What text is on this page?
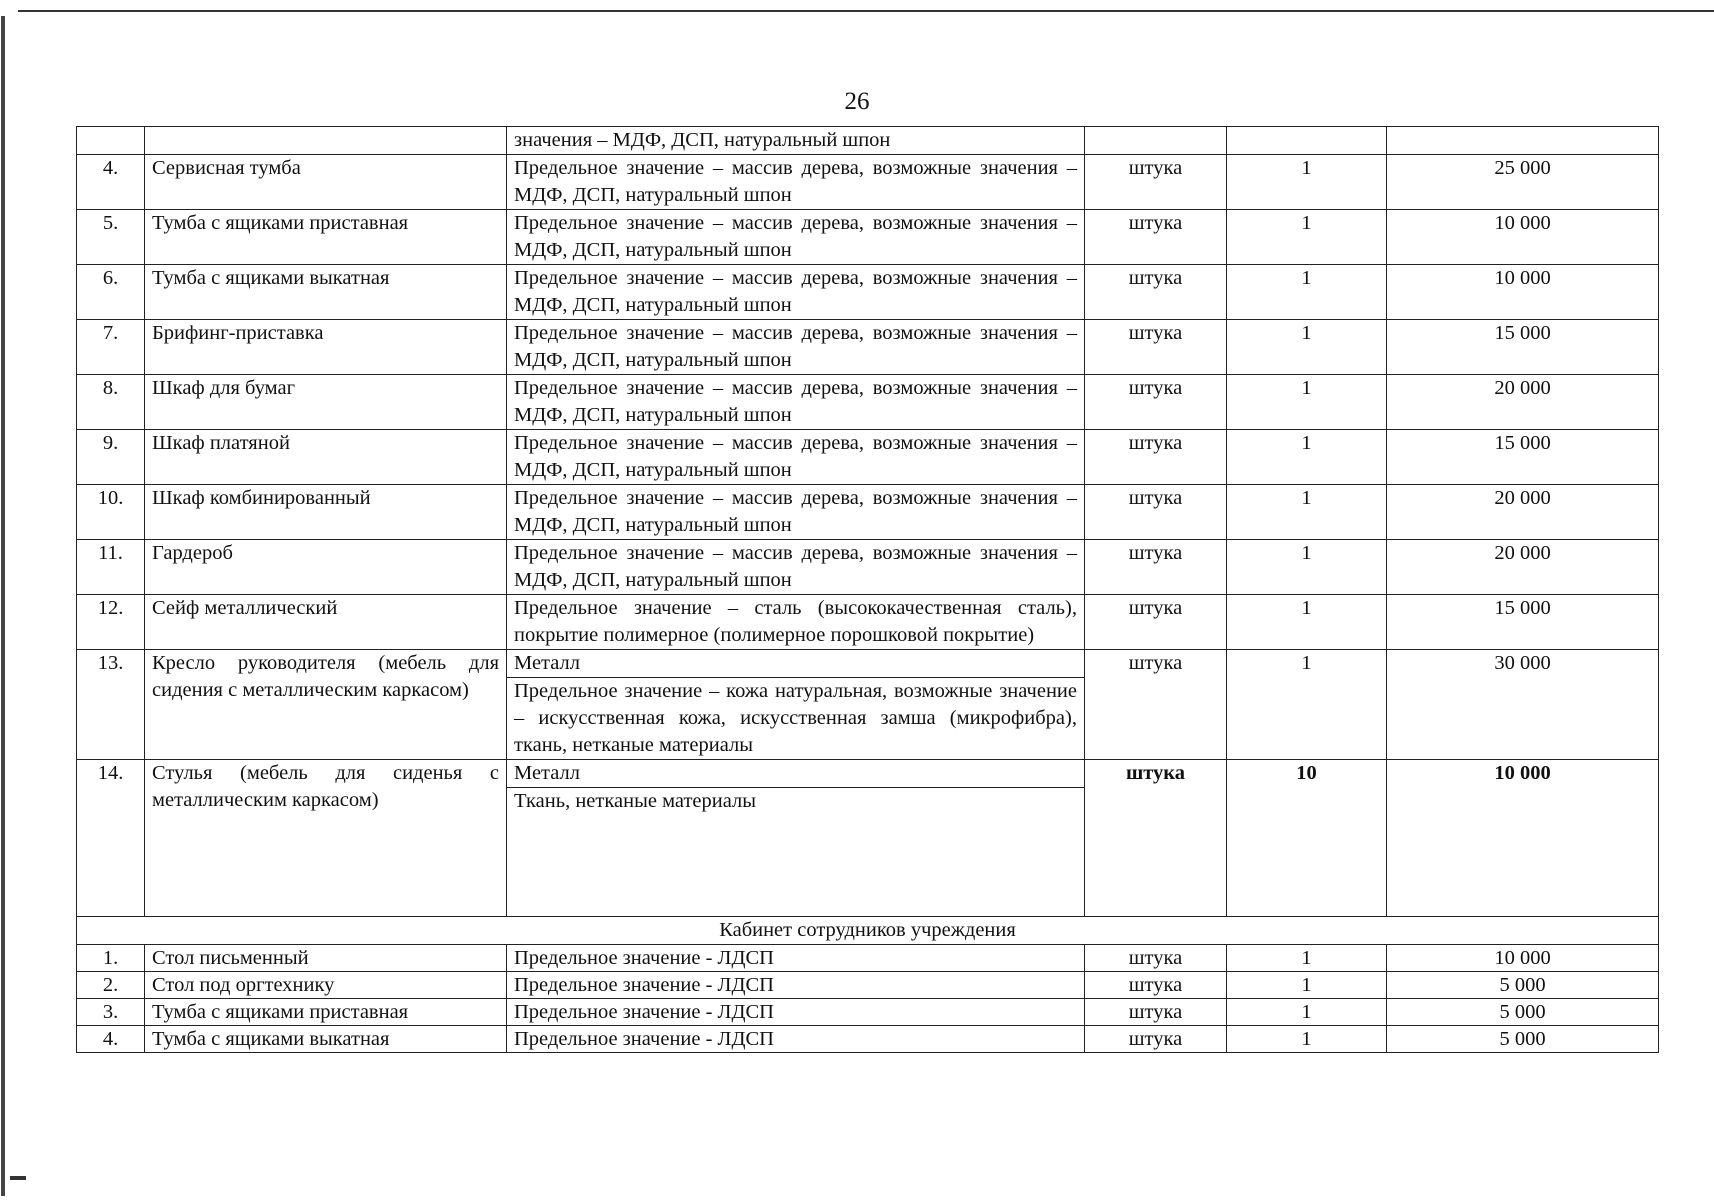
26
		значения – МДФ, ДСП, натуральный шпон			
4.	Сервисная тумба	Предельное значение – массив дерева, возможные значения – МДФ, ДСП, натуральный шпон	штука	1	25 000
5.	Тумба с ящиками приставная	Предельное значение – массив дерева, возможные значения – МДФ, ДСП, натуральный шпон	штука	1	10 000
6.	Тумба с ящиками выкатная	Предельное значение – массив дерева, возможные значения – МДФ, ДСП, натуральный шпон	штука	1	10 000
7.	Брифинг-приставка	Предельное значение – массив дерева, возможные значения – МДФ, ДСП, натуральный шпон	штука	1	15 000
8.	Шкаф для бумаг	Предельное значение – массив дерева, возможные значения – МДФ, ДСП, натуральный шпон	штука	1	20 000
9.	Шкаф платяной	Предельное значение – массив дерева, возможные значения – МДФ, ДСП, натуральный шпон	штука	1	15 000
10.	Шкаф комбинированный	Предельное значение – массив дерева, возможные значения – МДФ, ДСП, натуральный шпон	штука	1	20 000
11.	Гардероб	Предельное значение – массив дерева, возможные значения – МДФ, ДСП, натуральный шпон	штука	1	20 000
12.	Сейф металлический	Предельное значение – сталь (высококачественная сталь), покрытие полимерное (полимерное порошковой покрытие)	штука	1	15 000
13.	Кресло руководителя (мебель для сидения с металлическим каркасом)	Металл	штука	1	30 000
		Предельное значение – кожа натуральная, возможные значение – искусственная кожа, искусственная замша (микрофибра), ткань, нетканые материалы			
14.	Стулья (мебель для сиденья с металлическим каркасом)	Металл	штука	10	10 000
		Ткань, нетканые материалы			
Кабинет сотрудников учреждения					
1.	Стол письменный	Предельное значение - ЛДСП	штука	1	10 000
2.	Стол под оргтехнику	Предельное значение - ЛДСП	штука	1	5 000
3.	Тумба с ящиками приставная	Предельное значение - ЛДСП	штука	1	5 000
4.	Тумба с ящиками выкатная	Предельное значение - ЛДСП	штука	1	5 000
